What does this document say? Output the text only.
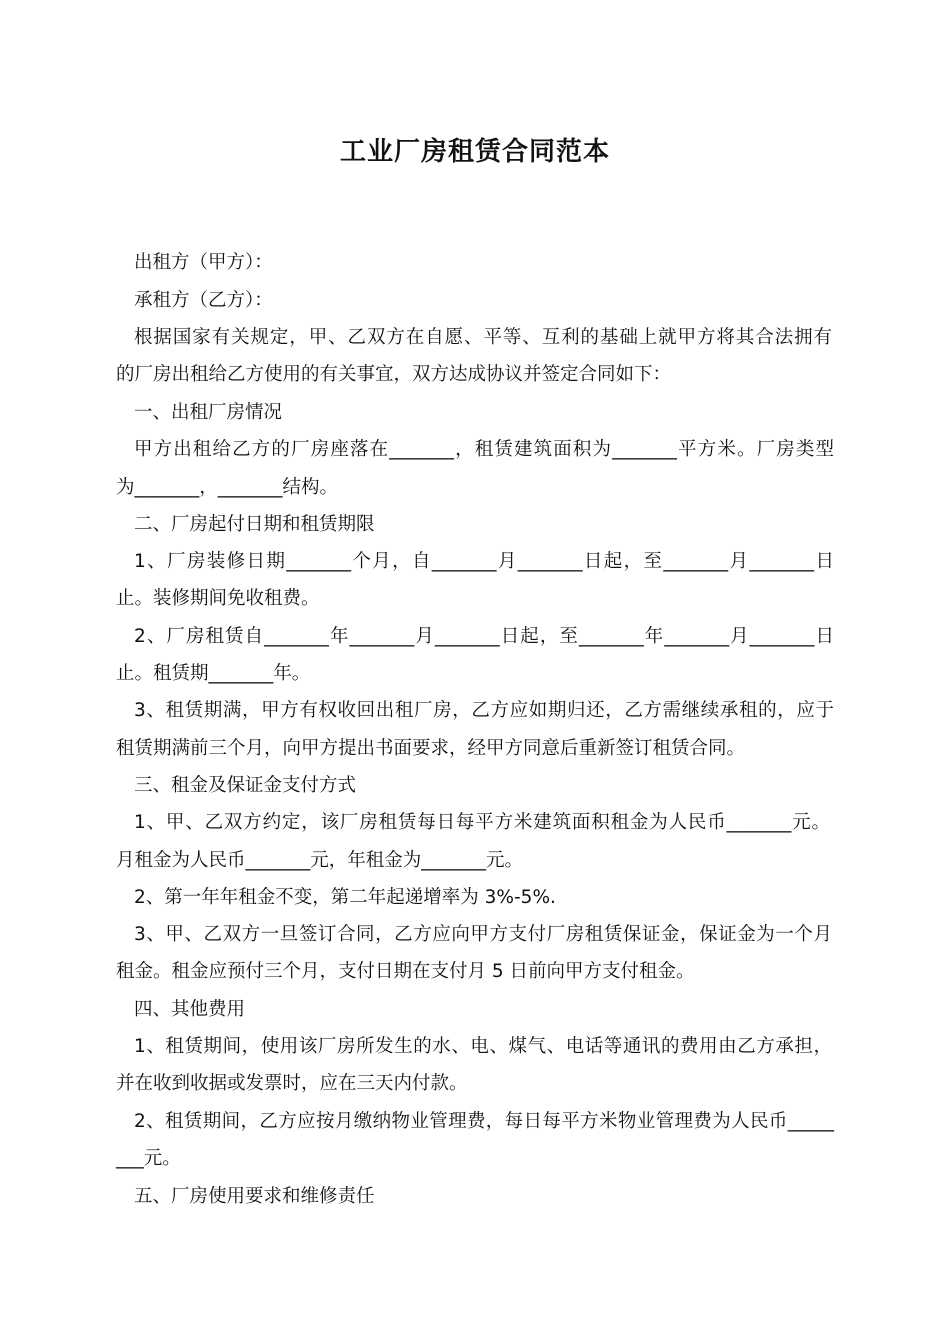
工业厂房租赁合同范本
出租方（甲方）：
承租方（乙方）：
根据国家有关规定，甲、乙双方在自愿、平等、互利的基础上就甲方将其合法拥有
的厂房出租给乙方使用的有关事宜，双方达成协议并签定合同如下：
一、出租厂房情况
甲方出租给乙方的厂房座落在_______，租赁建筑面积为_______平方米。厂房类型
为_______，_______结构。
二、厂房起付日期和租赁期限
1、厂房装修日期_______个月，自_______月_______日起，至_______月_______日
止。装修期间免收租费。
2、厂房租赁自_______年_______月_______日起，至_______年_______月_______日
止。租赁期_______年。
3、租赁期满，甲方有权收回出租厂房，乙方应如期归还，乙方需继续承租的，应于
租赁期满前三个月，向甲方提出书面要求，经甲方同意后重新签订租赁合同。
三、租金及保证金支付方式
1、甲、乙双方约定，该厂房租赁每日每平方米建筑面积租金为人民币_______元。
月租金为人民币_______元，年租金为_______元。
2、第一年年租金不变，第二年起递增率为 3%-5%.
3、甲、乙双方一旦签订合同，乙方应向甲方支付厂房租赁保证金，保证金为一个月
租金。租金应预付三个月，支付日期在支付月 5 日前向甲方支付租金。
四、其他费用
1、租赁期间，使用该厂房所发生的水、电、煤气、电话等通讯的费用由乙方承担，
并在收到收据或发票时，应在三天内付款。
2、租赁期间，乙方应按月缴纳物业管理费，每日每平方米物业管理费为人民币_____
___元。
五、厂房使用要求和维修责任
